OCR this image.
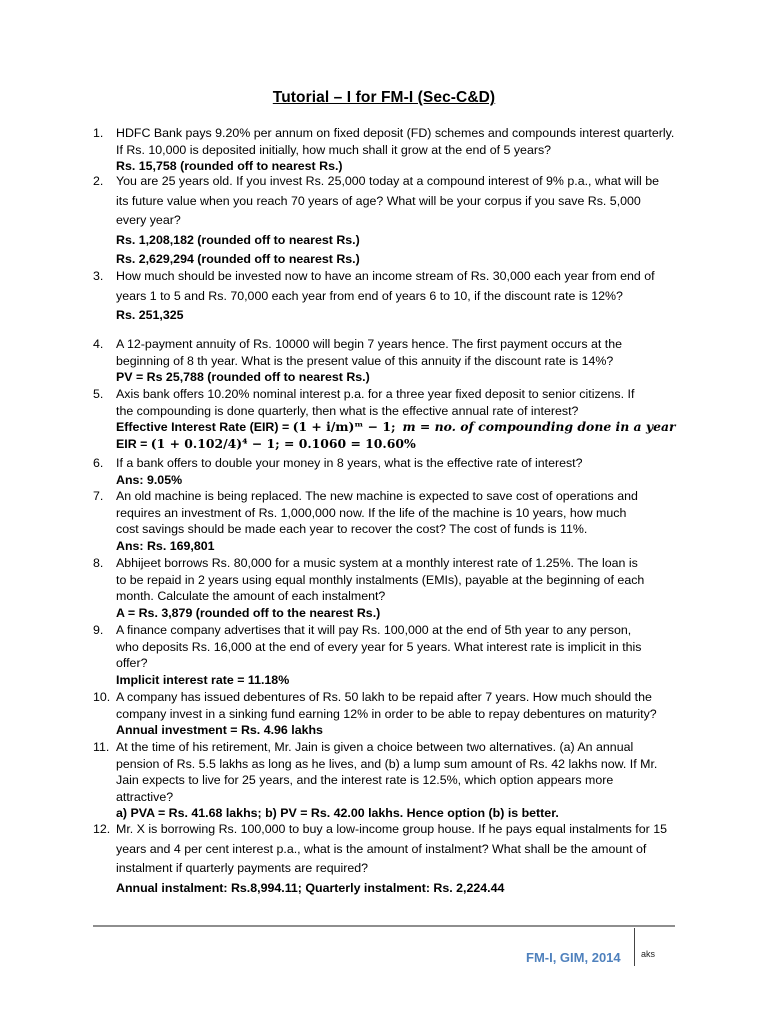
Tutorial – I for FM-I (Sec-C&D)
1.	HDFC Bank pays 9.20% per annum on fixed deposit (FD) schemes and compounds interest quarterly.
If Rs. 10,000 is deposited initially, how much shall it grow at the end of 5 years?
Rs. 15,758 (rounded off to nearest Rs.)
2.	You are 25 years old. If you invest Rs. 25,000 today at a compound interest of 9% p.a., what will be
its future value when you reach 70 years of age? What will be your corpus if you save Rs. 5,000
every year?
Rs. 1,208,182 (rounded off to nearest Rs.)
Rs. 2,629,294 (rounded off to nearest Rs.)
3.	How much should be invested now to have an income stream of Rs. 30,000 each year from end of
years 1 to 5 and Rs. 70,000 each year from end of years 6 to 10, if the discount rate is 12%?
Rs. 251,325
4.	A 12-payment annuity of Rs. 10000 will begin 7 years hence. The first payment occurs at the
beginning of 8 th year. What is the present value of this annuity if the discount rate is 14%?
PV = Rs 25,788 (rounded off to nearest Rs.)
5.	Axis bank offers 10.20% nominal interest p.a. for a three year fixed deposit to senior citizens. If
the compounding is done quarterly, then what is the effective annual rate of interest?
Effective Interest Rate (EIR) = (1 + i/m)ᵐ − 1; m = no. of compounding done in a year
EIR = (1 + 0.102/4)⁴ − 1; = 0.1060 = 10.60%
6.	If a bank offers to double your money in 8 years, what is the effective rate of interest?
Ans: 9.05%
7.	An old machine is being replaced. The new machine is expected to save cost of operations and
requires an investment of Rs. 1,000,000 now. If the life of the machine is 10 years, how much
cost savings should be made each year to recover the cost? The cost of funds is 11%.
Ans: Rs. 169,801
8.	Abhijeet borrows Rs. 80,000 for a music system at a monthly interest rate of 1.25%. The loan is
to be repaid in 2 years using equal monthly instalments (EMIs), payable at the beginning of each
month. Calculate the amount of each instalment?
A = Rs. 3,879 (rounded off to the nearest Rs.)
9.	A finance company advertises that it will pay Rs. 100,000 at the end of 5th year to any person,
who deposits Rs. 16,000 at the end of every year for 5 years. What interest rate is implicit in this
offer?
Implicit interest rate = 11.18%
10. A company has issued debentures of Rs. 50 lakh to be repaid after 7 years. How much should the
company invest in a sinking fund earning 12% in order to be able to repay debentures on maturity?
Annual investment = Rs. 4.96 lakhs
11. At the time of his retirement, Mr. Jain is given a choice between two alternatives. (a) An annual
pension of Rs. 5.5 lakhs as long as he lives, and (b) a lump sum amount of Rs. 42 lakhs now. If Mr.
Jain expects to live for 25 years, and the interest rate is 12.5%, which option appears more
attractive?
a) PVA = Rs. 41.68 lakhs; b) PV = Rs. 42.00 lakhs. Hence option (b) is better.
12. Mr. X is borrowing Rs. 100,000 to buy a low-income group house. If he pays equal instalments for 15
years and 4 per cent interest p.a., what is the amount of instalment? What shall be the amount of
instalment if quarterly payments are required?
Annual instalment: Rs.8,994.11; Quarterly instalment: Rs. 2,224.44
FM-I, GIM, 2014 aks
